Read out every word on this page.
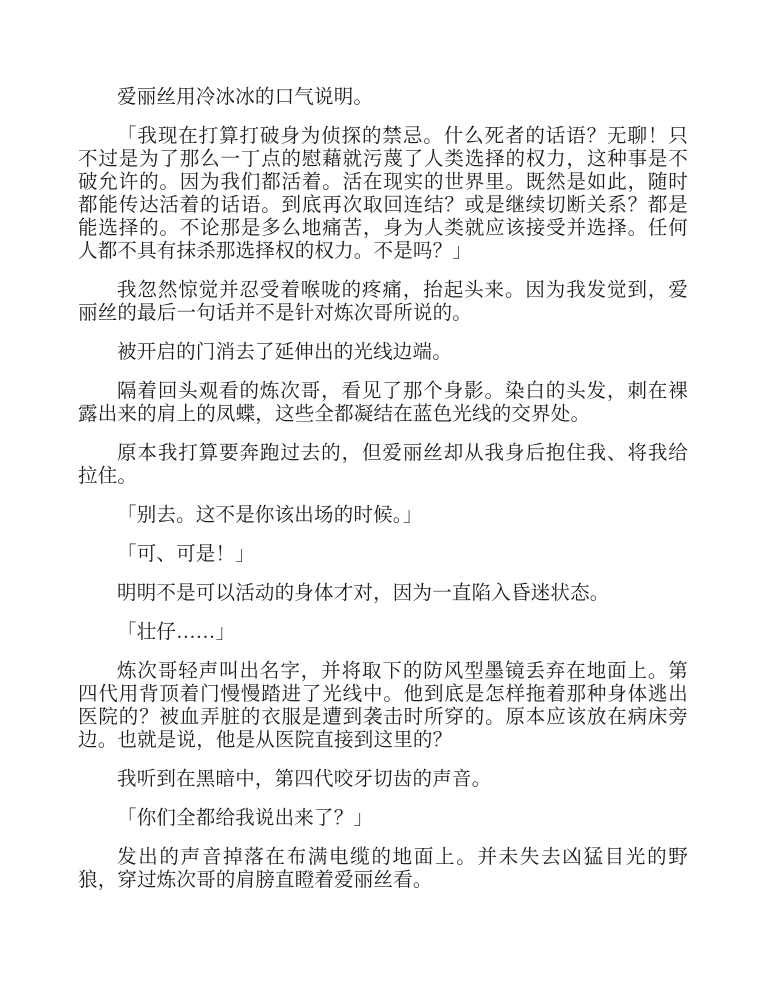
爱丽丝用冷冰冰的口气说明。

「我现在打算打破身为侦探的禁忌。什么死者的话语？无聊！只不过是为了那么一丁点的慰藉就污蔑了人类选择的权力，这种事是不破允许的。因为我们都活着。活在现实的世界里。既然是如此，随时都能传达活着的话语。到底再次取回连结？或是继续切断关系？都是能选择的。不论那是多么地痛苦，身为人类就应该接受并选择。任何人都不具有抹杀那选择权的权力。不是吗？」

我忽然惊觉并忍受着喉咙的疼痛，抬起头来。因为我发觉到，爱丽丝的最后一句话并不是针对炼次哥所说的。

被开启的门消去了延伸出的光线边端。

隔着回头观看的炼次哥，看见了那个身影。染白的头发，刺在裸露出来的肩上的凤蝶，这些全都凝结在蓝色光线的交界处。

原本我打算要奔跑过去的，但爱丽丝却从我身后抱住我、将我给拉住。

「别去。这不是你该出场的时候。」

「可、可是！」

明明不是可以活动的身体才对，因为一直陷入昏迷状态。

「壮仔……」

炼次哥轻声叫出名字，并将取下的防风型墨镜丢弃在地面上。第四代用背顶着门慢慢踏进了光线中。他到底是怎样拖着那种身体逃出医院的？被血弄脏的衣服是遭到袭击时所穿的。原本应该放在病床旁边。也就是说，他是从医院直接到这里的？

我听到在黑暗中，第四代咬牙切齿的声音。

「你们全都给我说出来了？」

发出的声音掉落在布满电缆的地面上。并未失去凶猛目光的野狼，穿过炼次哥的肩膀直瞪着爱丽丝看。
